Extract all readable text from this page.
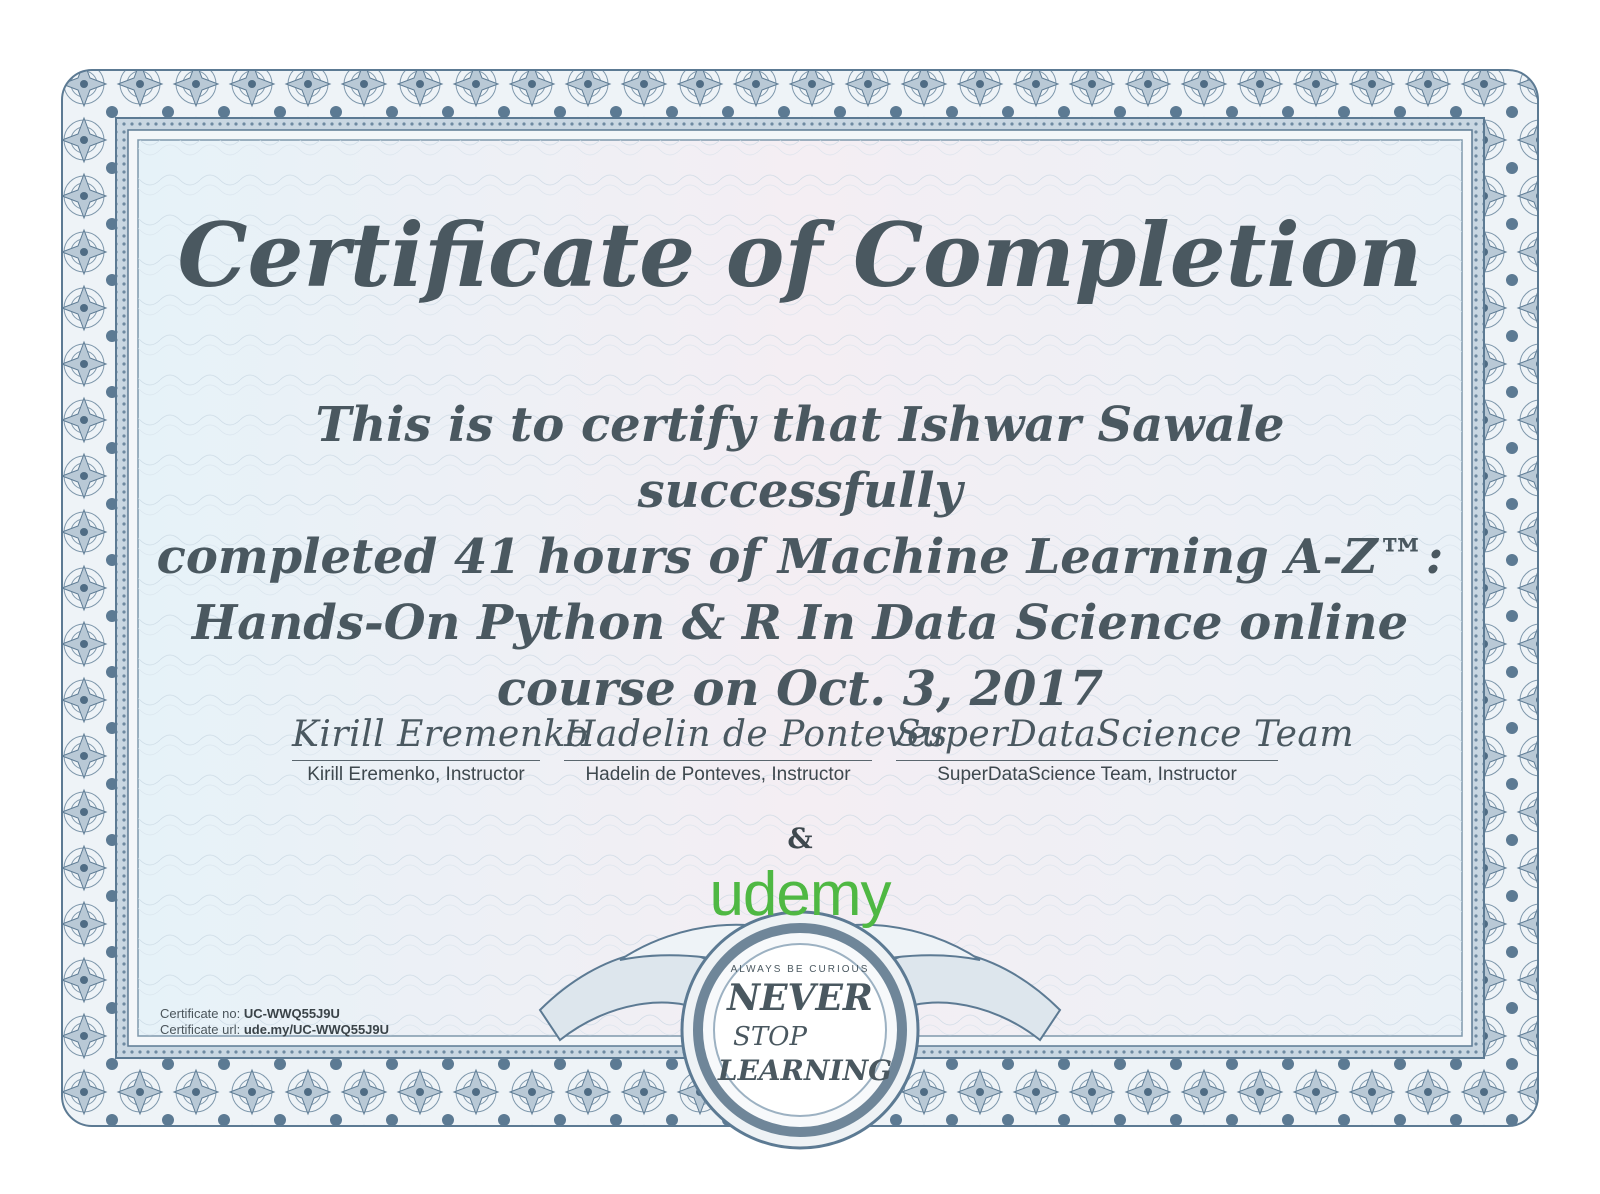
ALWAYS BE CURIOUS
NEVER
STOP
LEARNING
Certificate of Completion
This is to certify that Ishwar Sawale successfully
completed 41 hours of Machine Learning A-Z™:
Hands-On Python & R In Data Science online
course on Oct. 3, 2017
Kirill Eremenko
Kirill Eremenko, Instructor
Hadelin de Ponteves
Hadelin de Ponteves, Instructor
SuperDataScience Team
SuperDataScience Team, Instructor
&
udemy
Certificate no: UC-WWQ55J9U
Certificate url: ude.my/UC-WWQ55J9U
